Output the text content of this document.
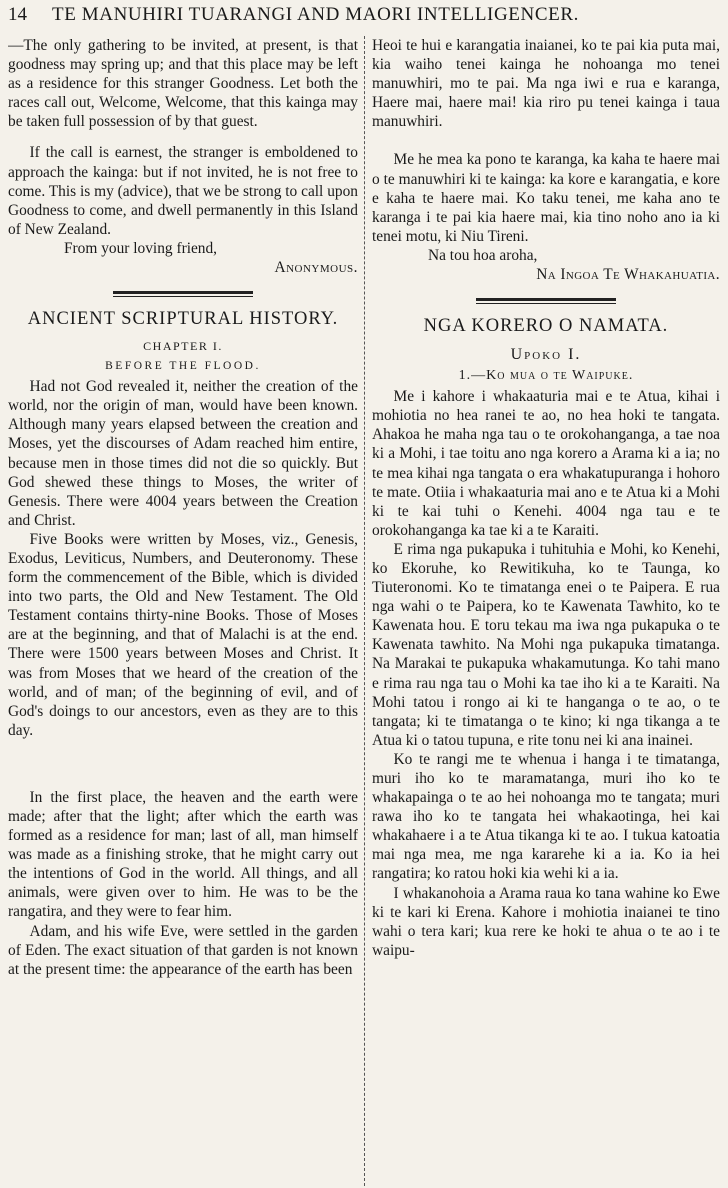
14 TE MANUHIRI TUARANGI AND MAORI INTELLIGENCER.

—The only gathering to be invited, at present, is that goodness may spring up; and that this place may be left as a residence for this stranger Goodness. Let both the races call out, Welcome, Welcome, that this kainga may be taken full possession of by that guest.

If the call is earnest, the stranger is emboldened to approach the kainga: but if not invited, he is not free to come. This is my (advice), that we be strong to call upon Goodness to come, and dwell permanently in this Island of New Zealand.

From your loving friend,

Anonymous.

ANCIENT SCRIPTURAL HISTORY.
CHAPTER I.
BEFORE THE FLOOD.

Had not God revealed it, neither the creation of the world, nor the origin of man, would have been known. Although many years elapsed between the creation and Moses, yet the discourses of Adam reached him entire, because men in those times did not die so quickly. But God shewed these things to Moses, the writer of Genesis. There were 4004 years between the Creation and Christ.

Five Books were written by Moses, viz., Genesis, Exodus, Leviticus, Numbers, and Deuteronomy. These form the commencement of the Bible, which is divided into two parts, the Old and New Testament. The Old Testament contains thirty-nine Books. Those of Moses are at the beginning, and that of Malachi is at the end. There were 1500 years between Moses and Christ. It was from Moses that we heard of the creation of the world, and of man; of the beginning of evil, and of God's doings to our ancestors, even as they are to this day.

In the first place, the heaven and the earth were made; after that the light; after which the earth was formed as a residence for man; last of all, man himself was made as a finishing stroke, that he might carry out the intentions of God in the world. All things, and all animals, were given over to him. He was to be the rangatira, and they were to fear him.

Adam, and his wife Eve, were settled in the garden of Eden. The exact situation of that garden is not known at the present time: the appearance of the earth has been

Heoi te hui e karangatia inaianei, ko te pai kia puta mai, kia waiho tenei kainga he nohoanga mo tenei manuwhiri, mo te pai. Ma nga iwi e rua e karanga, Haere mai, haere mai! kia riro pu tenei kainga i taua manuwhiri.

Me he mea ka pono te karanga, ka kaha te haere mai o te manuwhiri ki te kainga: ka kore e karangatia, e kore e kaha te haere mai. Ko taku tenei, me kaha ano te karanga i te pai kia haere mai, kia tino noho ano ia ki tenei motu, ki Niu Tireni.

Na tou hoa aroha,

Na Ingoa Te Whakahuatia.

NGA KORERO O NAMATA.
Upoko I.
1.—Ko mua o te Waipuke.

Me i kahore i whakaaturia mai e te Atua, kihai i mohiotia no hea ranei te ao, no hea hoki te tangata. Ahakoa he maha nga tau o te orokohanganga, a tae noa ki a Mohi, i tae toitu ano nga korero a Arama ki a ia; no te mea kihai nga tangata o era whakatupuranga i hohoro te mate. Otiia i whakaaturia mai ano e te Atua ki a Mohi ki te kai tuhi o Kenehi. 4004 nga tau e te orokohanganga ka tae ki a te Karaiti.

E rima nga pukapuka i tuhituhia e Mohi, ko Kenehi, ko Ekoruhe, ko Rewitikuha, ko te Taunga, ko Tiuteronomi. Ko te timatanga enei o te Paipera. E rua nga wahi o te Paipera, ko te Kawenata Tawhito, ko te Kawenata hou. E toru tekau ma iwa nga pukapuka o te Kawenata tawhito. Na Mohi nga pukapuka timatanga. Na Marakai te pukapuka whakamutunga. Ko tahi mano e rima rau nga tau o Mohi ka tae iho ki a te Karaiti. Na Mohi tatou i rongo ai ki te hanganga o te ao, o te tangata; ki te timatanga o te kino; ki nga tikanga a te Atua ki o tatou tupuna, e rite tonu nei ki ana inainei.

Ko te rangi me te whenua i hanga i te timatanga, muri iho ko te maramatanga, muri iho ko te whakapainga o te ao hei nohoanga mo te tangata; muri rawa iho ko te tangata hei whakaotinga, hei kai whakahaere i a te Atua tikanga ki te ao. I tukua katoatia mai nga mea, me nga kararehe ki a ia. Ko ia hei rangatira; ko ratou hoki kia wehi ki a ia.

I whakanohoia a Arama raua ko tana wahine ko Ewe ki te kari ki Erena. Kahore i mohiotia inaianei te tino wahi o tera kari; kua rere ke hoki te ahua o te ao i te waipu-
